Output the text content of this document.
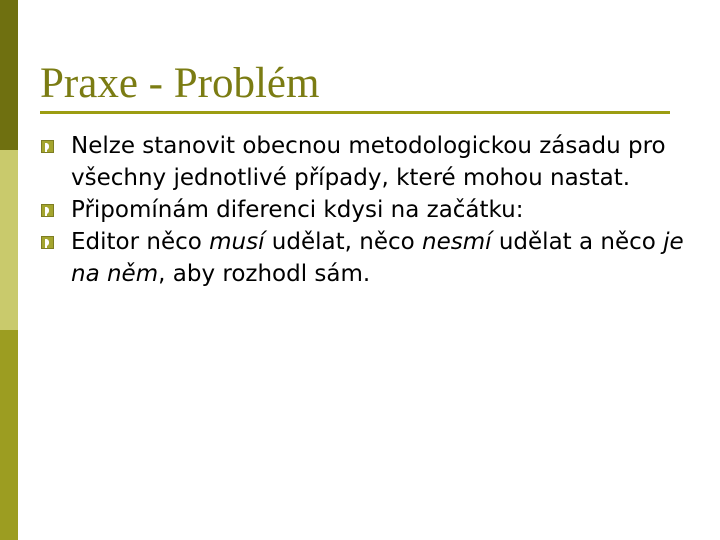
Praxe - Problém
Nelze stanovit obecnou metodologickou zásadu pro všechny jednotlivé případy, které mohou nastat.
Připomínám diferenci kdysi na začátku:
Editor něco musí udělat, něco nesmí udělat a něco je na něm, aby rozhodl sám.
